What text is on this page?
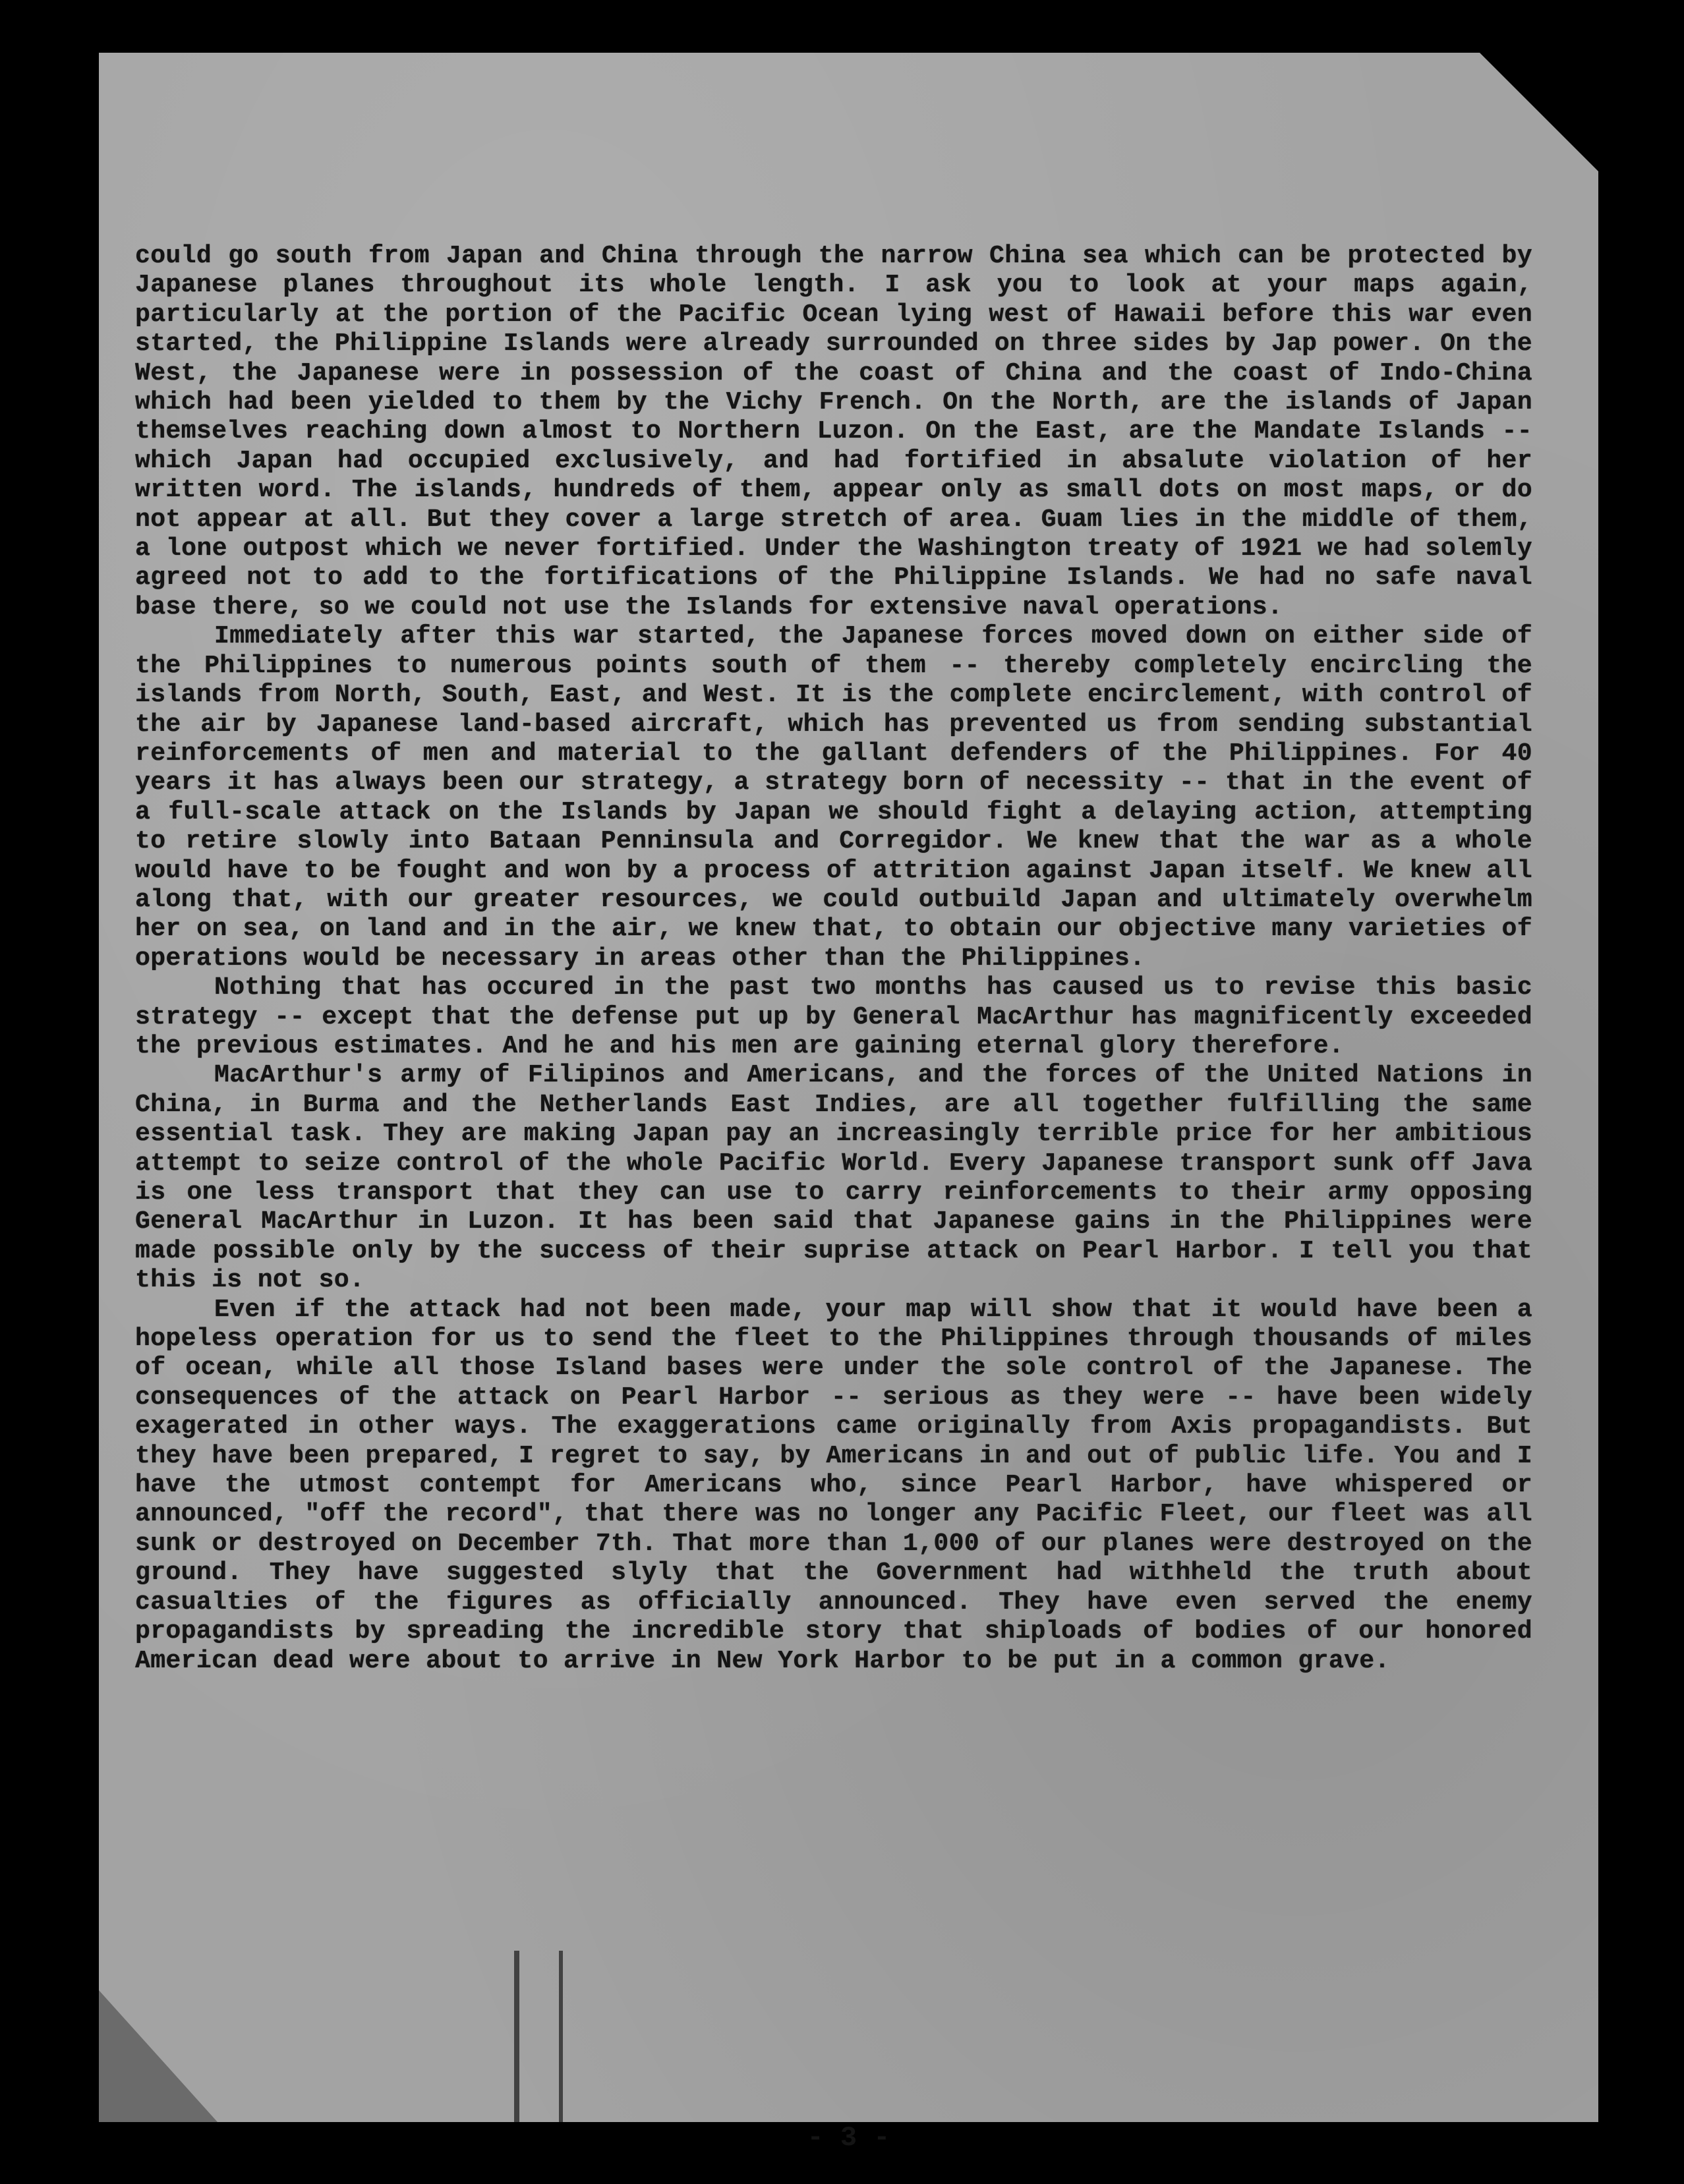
could go south from Japan and China through the narrow China sea which can be protected by Japanese planes throughout its whole length. I ask you to look at your maps again, particularly at the portion of the Pacific Ocean lying west of Hawaii before this war even started, the Philippine Islands were already surrounded on three sides by Jap power. On the West, the Japanese were in possession of the coast of China and the coast of Indo-China which had been yielded to them by the Vichy French. On the North, are the islands of Japan themselves reaching down almost to Northern Luzon. On the East, are the Mandate Islands -- which Japan had occupied exclusively, and had fortified in absalute violation of her written word. The islands, hundreds of them, appear only as small dots on most maps, or do not appear at all. But they cover a large stretch of area. Guam lies in the middle of them, a lone outpost which we never fortified. Under the Washington treaty of 1921 we had solemly agreed not to add to the fortifications of the Philippine Islands. We had no safe naval base there, so we could not use the Islands for extensive naval operations.

Immediately after this war started, the Japanese forces moved down on either side of the Philippines to numerous points south of them -- thereby completely encircling the islands from North, South, East, and West. It is the complete encirclement, with control of the air by Japanese land-based aircraft, which has prevented us from sending substantial reinforcements of men and material to the gallant defenders of the Philippines. For 40 years it has always been our strategy, a strategy born of necessity -- that in the event of a full-scale attack on the Islands by Japan we should fight a delaying action, attempting to retire slowly into Bataan Penninsula and Corregidor. We knew that the war as a whole would have to be fought and won by a process of attrition against Japan itself. We knew all along that, with our greater resources, we could outbuild Japan and ultimately overwhelm her on sea, on land and in the air, we knew that, to obtain our objective many varieties of operations would be necessary in areas other than the Philippines.

Nothing that has occured in the past two months has caused us to revise this basic strategy -- except that the defense put up by General MacArthur has magnificently exceeded the previous estimates. And he and his men are gaining eternal glory therefore.

MacArthur's army of Filipinos and Americans, and the forces of the United Nations in China, in Burma and the Netherlands East Indies, are all together fulfilling the same essential task. They are making Japan pay an increasingly terrible price for her ambitious attempt to seize control of the whole Pacific World. Every Japanese transport sunk off Java is one less transport that they can use to carry reinforcements to their army opposing General MacArthur in Luzon. It has been said that Japanese gains in the Philippines were made possible only by the success of their suprise attack on Pearl Harbor. I tell you that this is not so.

Even if the attack had not been made, your map will show that it would have been a hopeless operation for us to send the fleet to the Philippines through thousands of miles of ocean, while all those Island bases were under the sole control of the Japanese. The consequences of the attack on Pearl Harbor -- serious as they were -- have been widely exagerated in other ways. The exaggerations came originally from Axis propagandists. But they have been prepared, I regret to say, by Americans in and out of public life. You and I have the utmost contempt for Americans who, since Pearl Harbor, have whispered or announced, "off the record", that there was no longer any Pacific Fleet, our fleet was all sunk or destroyed on December 7th. That more than 1,000 of our planes were destroyed on the ground. They have suggested slyly that the Government had withheld the truth about casualties of the figures as officially announced. They have even served the enemy propagandists by spreading the incredible story that shiploads of bodies of our honored American dead were about to arrive in New York Harbor to be put in a common grave.

- 3 -
